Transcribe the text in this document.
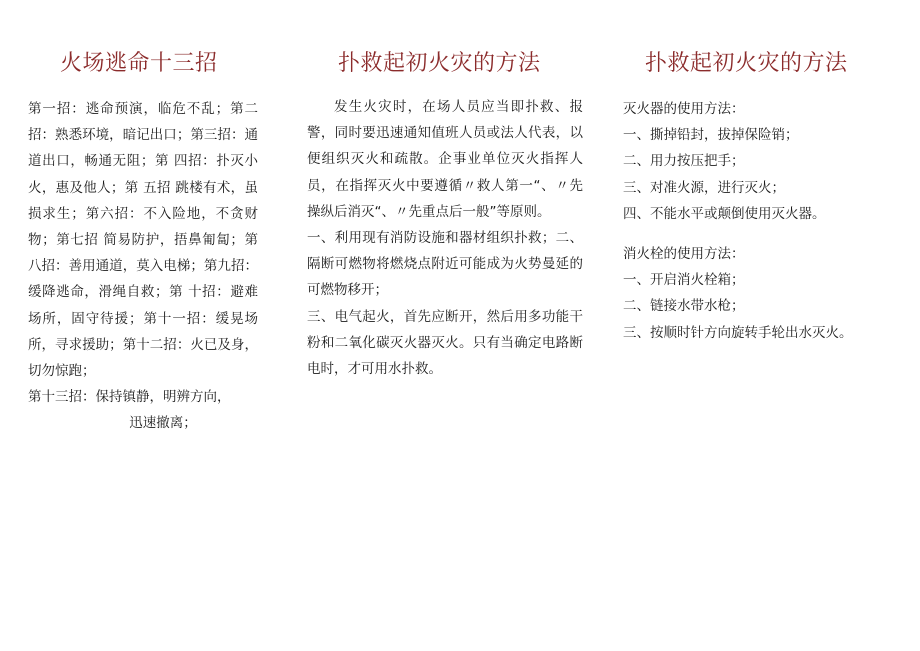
火场逃命十三招

第一招：逃命预演，临危不乱；第二招：熟悉环境，暗记出口；第三招：通道出口，畅通无阻；第 四招：扑灭小火，惠及他人；第 五招 跳楼有术，虽损求生；第六招：不入险地，不贪财物；第七招 简易防护，捂鼻匍匐；第 八招：善用通道，莫入电梯；第九招：缓降逃命，滑绳自救；第 十招：避难场所，固守待援；第十一招：缓晃场所，寻求援助；第十二招：火已及身，切勿惊跑；

第十三招：保持镇静，明辨方向，

迅速撤离；

扑救起初火灾的方法

发生火灾时，在场人员应当即扑救、报警，同时要迅速通知值班人员或法人代表，以便组织灭火和疏散。企事业单位灭火指挥人员，在指挥灭火中要遵循〃救人第一“、〃先操纵后消灭“、〃先重点后一般”等原则。

一、利用现有消防设施和器材组织扑救；二、隔断可燃物将燃烧点附近可能成为火势曼延的可燃物移开；

三、电气起火，首先应断开，然后用多功能干粉和二氧化碳灭火器灭火。只有当确定电路断电时，才可用水扑救。

扑救起初火灾的方法

灭火器的使用方法：

一、撕掉铅封，拔掉保险销；

二、用力按压把手；

三、对准火源，进行灭火；

四、不能水平或颠倒使用灭火器。

消火栓的使用方法：

一、开启消火栓箱；

二、链接水带水枪；

三、按顺时针方向旋转手轮出水灭火。
